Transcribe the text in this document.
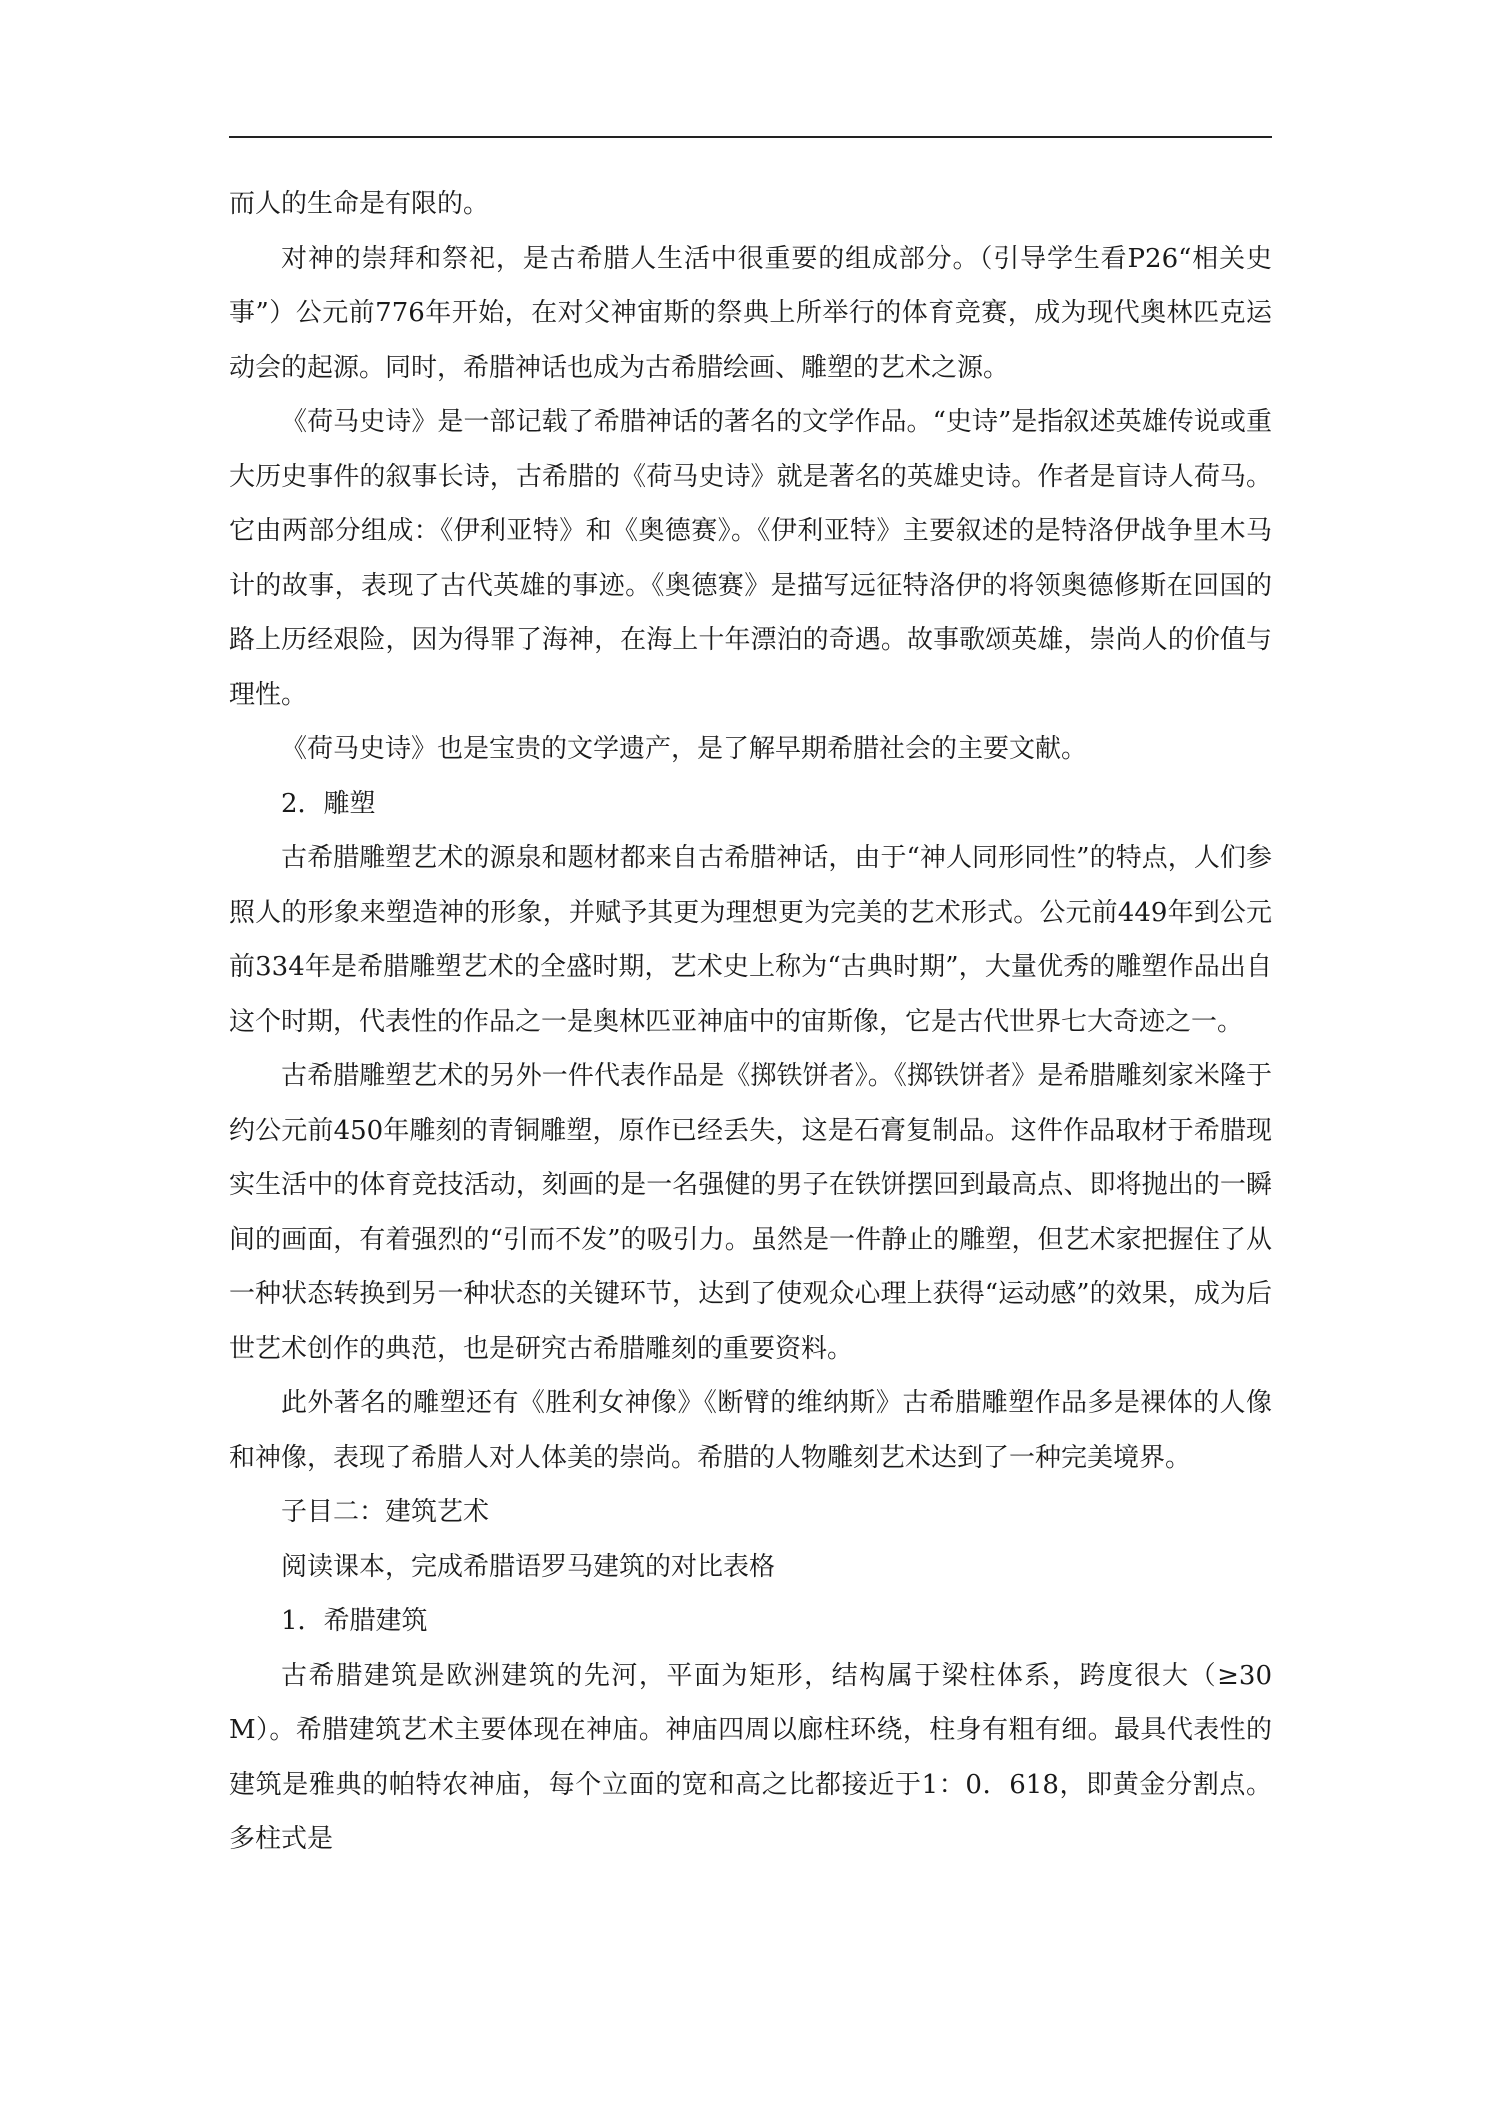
而人的生命是有限的。

对神的崇拜和祭祀，是古希腊人生活中很重要的组成部分。（引导学生看P26“相关史事”）公元前776年开始，在对父神宙斯的祭典上所举行的体育竞赛，成为现代奥林匹克运动会的起源。同时，希腊神话也成为古希腊绘画、雕塑的艺术之源。

《荷马史诗》是一部记载了希腊神话的著名的文学作品。“史诗”是指叙述英雄传说或重大历史事件的叙事长诗，古希腊的《荷马史诗》就是著名的英雄史诗。作者是盲诗人荷马。它由两部分组成：《伊利亚特》和《奥德赛》。《伊利亚特》主要叙述的是特洛伊战争里木马计的故事，表现了古代英雄的事迹。《奥德赛》是描写远征特洛伊的将领奥德修斯在回国的路上历经艰险，因为得罪了海神，在海上十年漂泊的奇遇。故事歌颂英雄，崇尚人的价值与理性。

《荷马史诗》也是宝贵的文学遗产，是了解早期希腊社会的主要文献。

2．雕塑

古希腊雕塑艺术的源泉和题材都来自古希腊神话，由于“神人同形同性”的特点，人们参照人的形象来塑造神的形象，并赋予其更为理想更为完美的艺术形式。公元前449年到公元前334年是希腊雕塑艺术的全盛时期，艺术史上称为“古典时期”，大量优秀的雕塑作品出自这个时期，代表性的作品之一是奥林匹亚神庙中的宙斯像，它是古代世界七大奇迹之一。

古希腊雕塑艺术的另外一件代表作品是《掷铁饼者》。《掷铁饼者》是希腊雕刻家米隆于约公元前450年雕刻的青铜雕塑，原作已经丢失，这是石膏复制品。这件作品取材于希腊现实生活中的体育竞技活动，刻画的是一名强健的男子在铁饼摆回到最高点、即将抛出的一瞬间的画面，有着强烈的“引而不发”的吸引力。虽然是一件静止的雕塑，但艺术家把握住了从一种状态转换到另一种状态的关键环节，达到了使观众心理上获得“运动感”的效果，成为后世艺术创作的典范，也是研究古希腊雕刻的重要资料。

此外著名的雕塑还有《胜利女神像》《断臂的维纳斯》古希腊雕塑作品多是裸体的人像和神像，表现了希腊人对人体美的崇尚。希腊的人物雕刻艺术达到了一种完美境界。

子目二：建筑艺术

阅读课本，完成希腊语罗马建筑的对比表格

1．希腊建筑

古希腊建筑是欧洲建筑的先河，平面为矩形，结构属于梁柱体系，跨度很大（≥30M）。希腊建筑艺术主要体现在神庙。神庙四周以廊柱环绕，柱身有粗有细。最具代表性的建筑是雅典的帕特农神庙，每个立面的宽和高之比都接近于1：0．618，即黄金分割点。多柱式是
